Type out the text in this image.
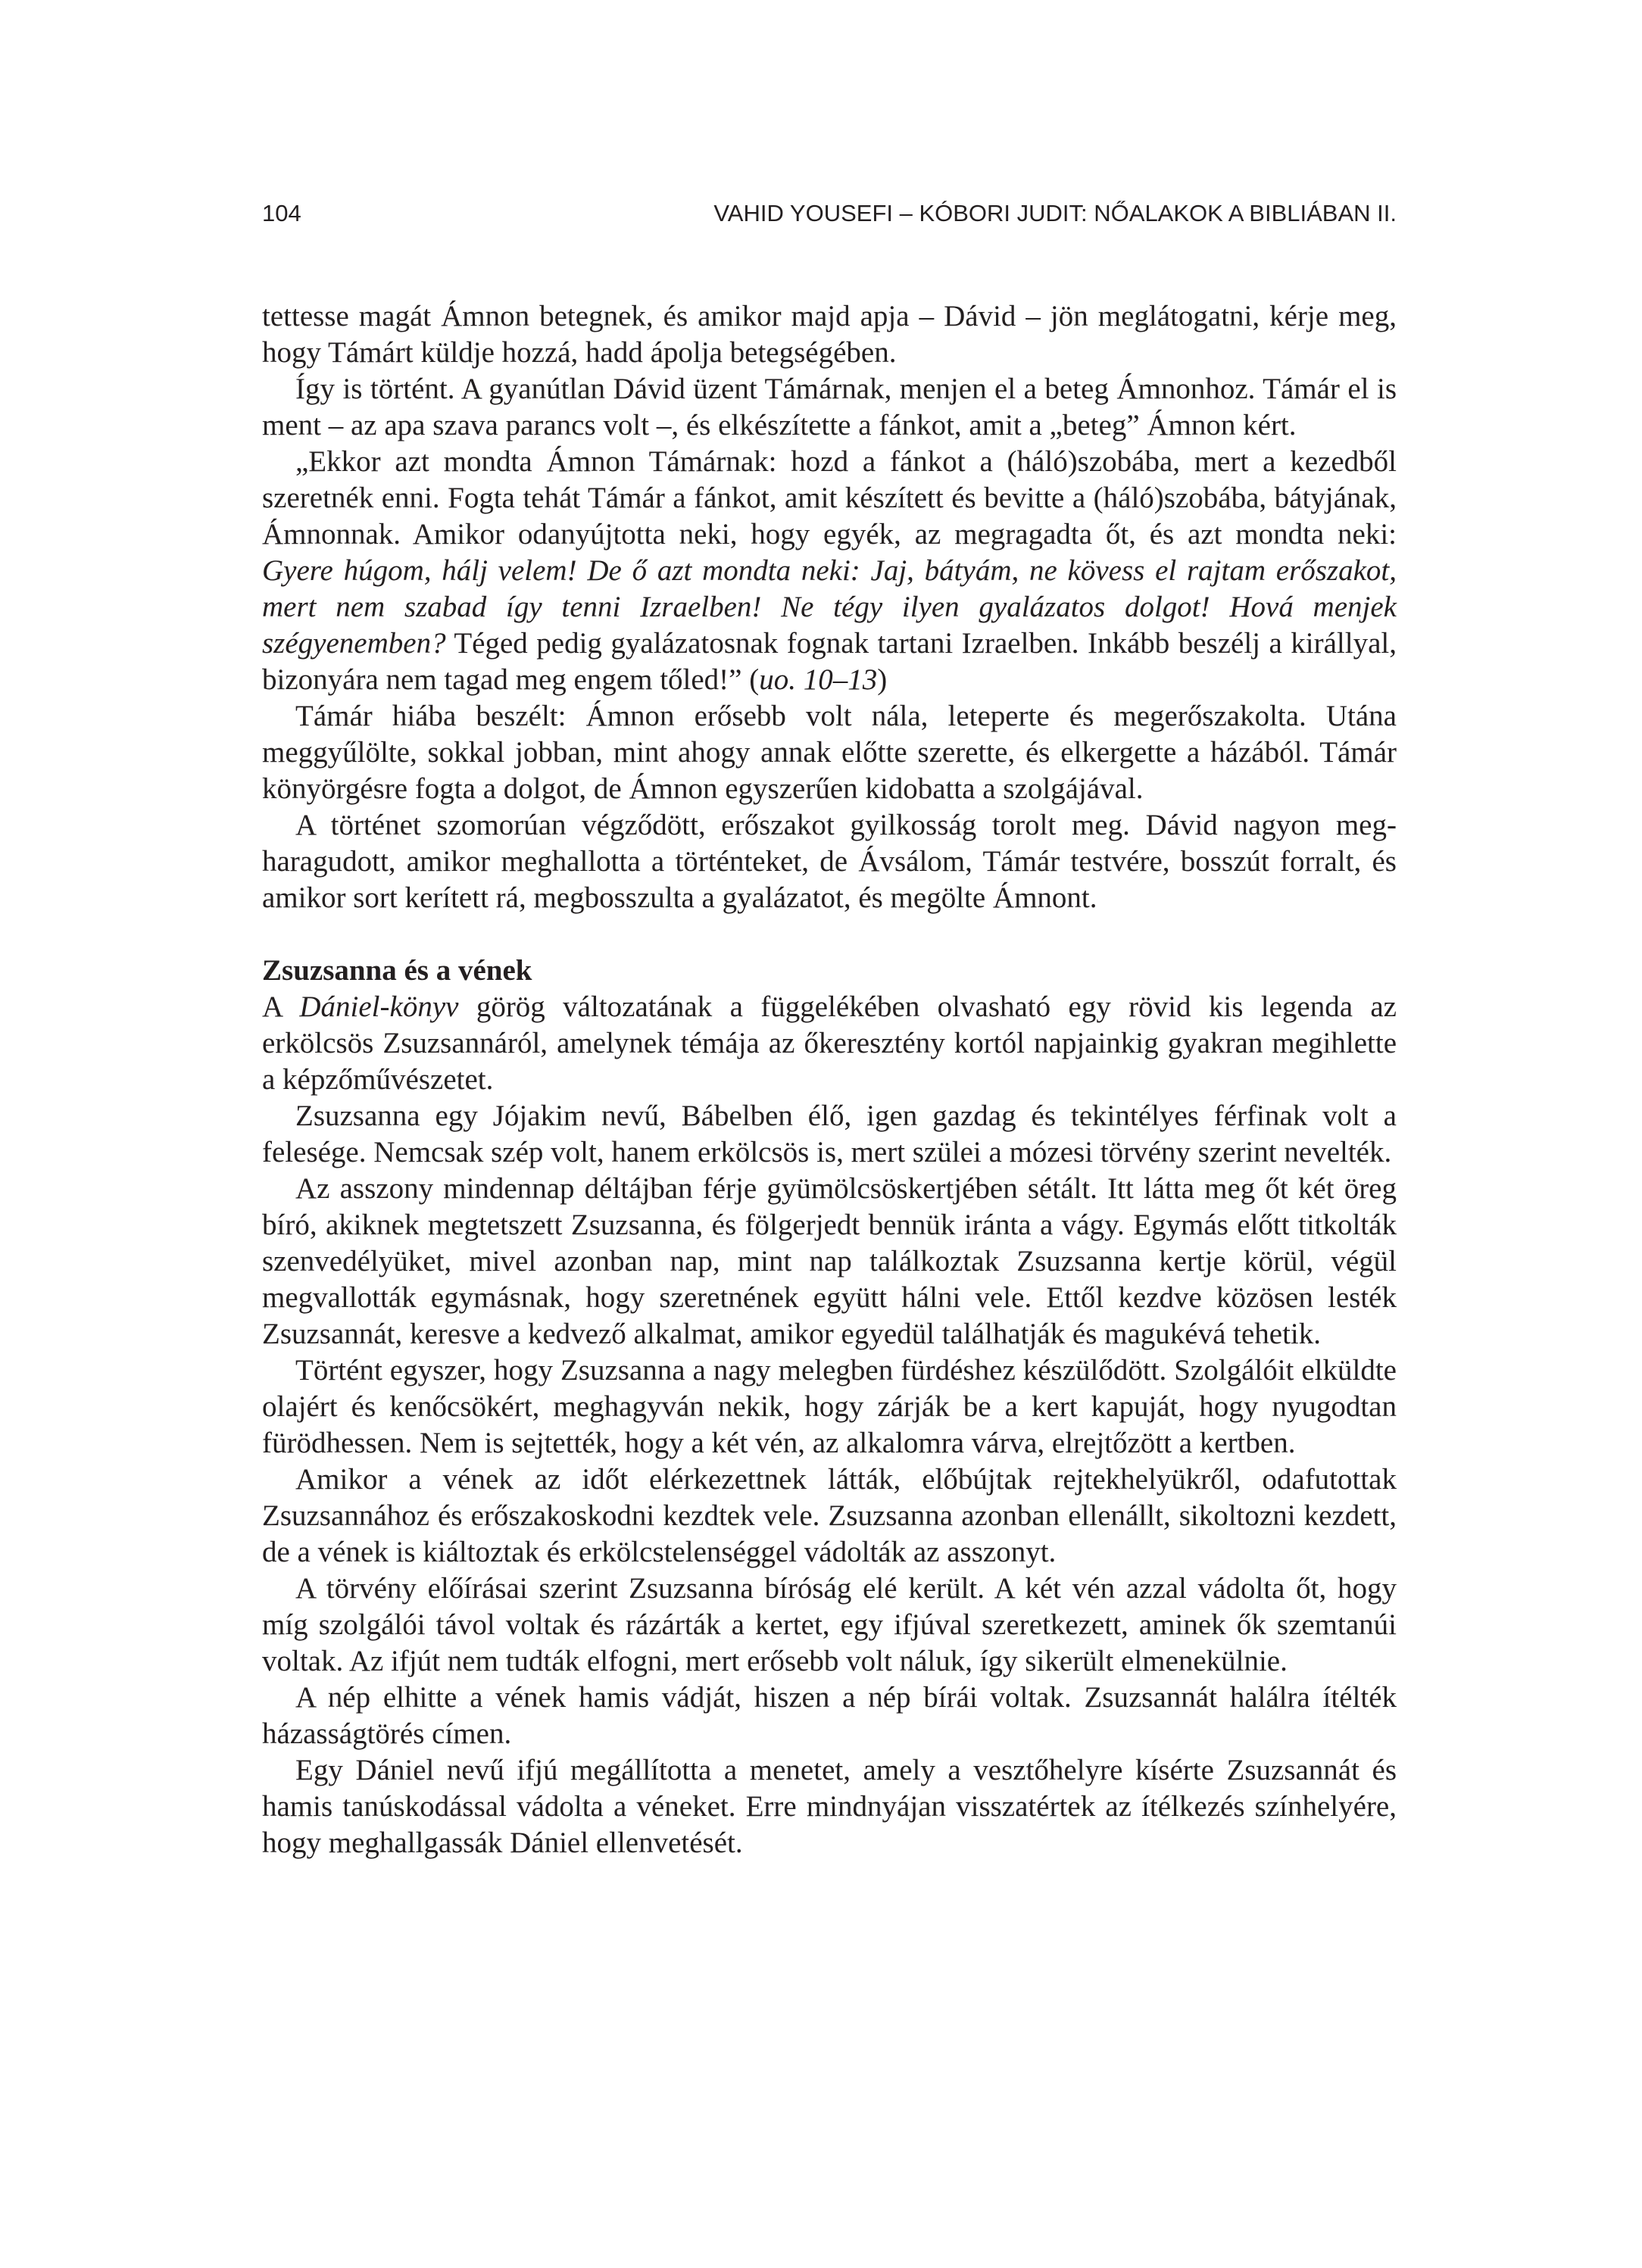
104	VAHID YOUSEFI – KÓBORI JUDIT: NŐALAKOK A BIBLIÁBAN II.

tettesse magát Ámnon betegnek, és amikor majd apja – Dávid – jön meglátogatni, kérje meg, hogy Támárt küldje hozzá, hadd ápolja betegségében.

Így is történt. A gyanútlan Dávid üzent Támárnak, menjen el a beteg Ámnonhoz. Támár el is ment – az apa szava parancs volt –, és elkészítette a fánkot, amit a „beteg” Ámnon kért.

„Ekkor azt mondta Ámnon Támárnak: hozd a fánkot a (háló)szobába, mert a kezedből szeretnék enni. Fogta tehát Támár a fánkot, amit készített és bevitte a (háló)szobába, bátyjának, Ámnonnak. Amikor odanyújtotta neki, hogy egyék, az megragadta őt, és azt mondta neki: Gyere húgom, hálj velem! De ő azt mondta neki: Jaj, bátyám, ne kövess el rajtam erőszakot, mert nem szabad így tenni Izraelben! Ne tégy ilyen gyalázatos dolgot! Hová menjek szégyenemben? Téged pedig gyalázatosnak fognak tartani Izraelben. Inkább beszélj a királlyal, bizonyára nem tagad meg engem tőled!” (uo. 10–13)

Támár hiába beszélt: Ámnon erősebb volt nála, leteperte és megerőszakolta. Utána meggyűlölte, sokkal jobban, mint ahogy annak előtte szerette, és elkergette a házából. Támár könyörgésre fogta a dolgot, de Ámnon egyszerűen kidobatta a szolgájával.

A történet szomorúan végződött, erőszakot gyilkosság torolt meg. Dávid nagyon megharagudott, amikor meghallotta a történteket, de Ávsálom, Támár testvére, bosszút forralt, és amikor sort kerített rá, megbosszulta a gyalázatot, és megölte Ámnont.

Zsuzsanna és a vének

A Dániel-könyv görög változatának a függelékében olvasható egy rövid kis legenda az erkölcsös Zsuzsannáról, amelynek témája az őkeresztény kortól napjainkig gyakran megihlette a képzőművészetet.

Zsuzsanna egy Jójakim nevű, Bábelben élő, igen gazdag és tekintélyes férfinak volt a felesége. Nemcsak szép volt, hanem erkölcsös is, mert szülei a mózesi törvény szerint nevelték.

Az asszony mindennap déltájban férje gyümölcsöskertjében sétált. Itt látta meg őt két öreg bíró, akiknek megtetszett Zsuzsanna, és fölgerjedt bennük iránta a vágy. Egymás előtt titkolták szenvedélyüket, mivel azonban nap, mint nap találkoztak Zsuzsanna kertje körül, végül megvallották egymásnak, hogy szeretnének együtt hálni vele. Ettől kezdve közösen lesték Zsuzsannát, keresve a kedvező alkalmat, amikor egyedül találhatják és magukévá tehetik.

Történt egyszer, hogy Zsuzsanna a nagy melegben fürdéshez készülődött. Szolgálóit elküldte olajért és kenőcsökért, meghagyván nekik, hogy zárják be a kert kapuját, hogy nyugodtan fürödhessen. Nem is sejtették, hogy a két vén, az alkalomra várva, elrejtőzött a kertben.

Amikor a vének az időt elérkezettnek látták, előbújtak rejtekhelyükről, odafutottak Zsuzsannához és erőszakoskodni kezdtek vele. Zsuzsanna azonban ellenállt, sikoltozni kezdett, de a vének is kiáltoztak és erkölcstelenséggel vádolták az asszonyt.

A törvény előírásai szerint Zsuzsanna bíróság elé került. A két vén azzal vádolta őt, hogy míg szolgálói távol voltak és rázárták a kertet, egy ifjúval szeretkezett, aminek ők szemtanúi voltak. Az ifjút nem tudták elfogni, mert erősebb volt náluk, így sikerült elmenekülnie.

A nép elhitte a vének hamis vádját, hiszen a nép bírái voltak. Zsuzsannát halálra ítélték házasságtörés címen.

Egy Dániel nevű ifjú megállította a menetet, amely a vesztőhelyre kísérte Zsuzsannát és hamis tanúskodással vádolta a véneket. Erre mindnyájan visszatértek az ítélkezés színhelyére, hogy meghallgassák Dániel ellenvetését.
